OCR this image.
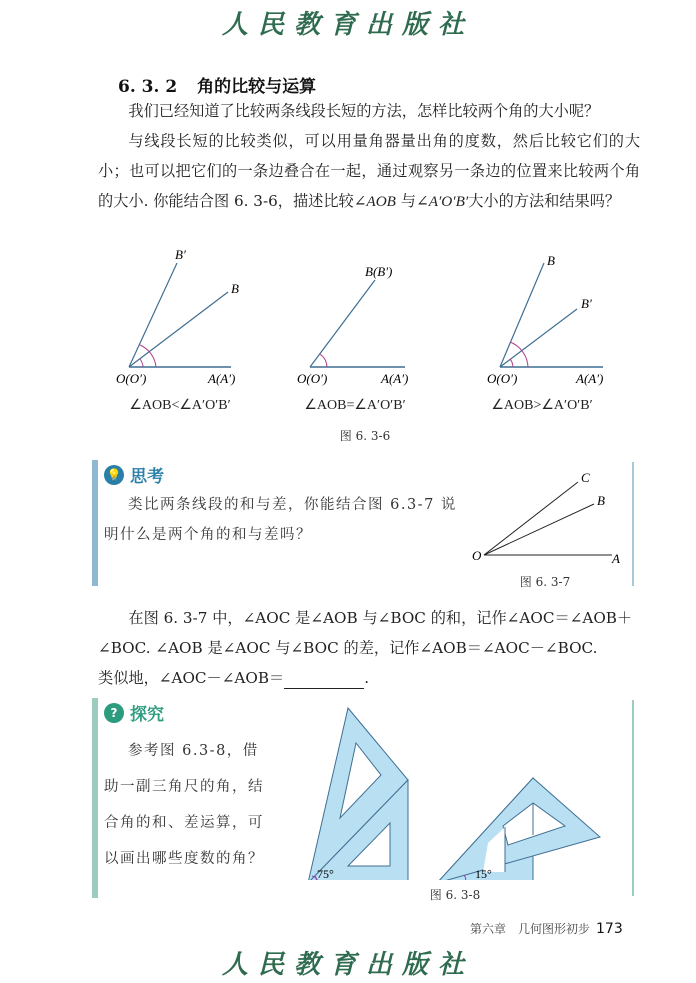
人民教育出版社
6. 3. 2 角的比较与运算
我们已经知道了比较两条线段长短的方法，怎样比较两个角的大小呢？
与线段长短的比较类似，可以用量角器量出角的度数，然后比较它们的大小；也可以把它们的一条边叠合在一起，通过观察另一条边的位置来比较两个角的大小. 你能结合图 6. 3-6，描述比较∠AOB 与∠A′O′B′大小的方法和结果吗？
B′
B
O(O′)	A(A′)
B(B′)
O(O′)	A(A′)
B
B′
O(O′)	A(A′)
∠AOB<∠A′O′B′	∠AOB=∠A′O′B′	∠AOB>∠A′O′B′
图 6. 3-6
💡 思考
类比两条线段的和与差，你能结合图 6.3-7 说
明什么是两个角的和与差吗？
O	A
B
C
图 6. 3-7
在图 6. 3-7 中，∠AOC 是∠AOB 与∠BOC 的和，记作∠AOC＝∠AOB＋
∠BOC. ∠AOB 是∠AOC 与∠BOC 的差，记作∠AOB＝∠AOC－∠BOC.
类似地，∠AOC－∠AOB＝	.
? 探究
参考图 6.3-8，借
助一副三角尺的角，结
合角的和、差运算，可
以画出哪些度数的角？
75°	15°
图 6. 3-8
第六章　几何图形初步 173
人民教育出版社
